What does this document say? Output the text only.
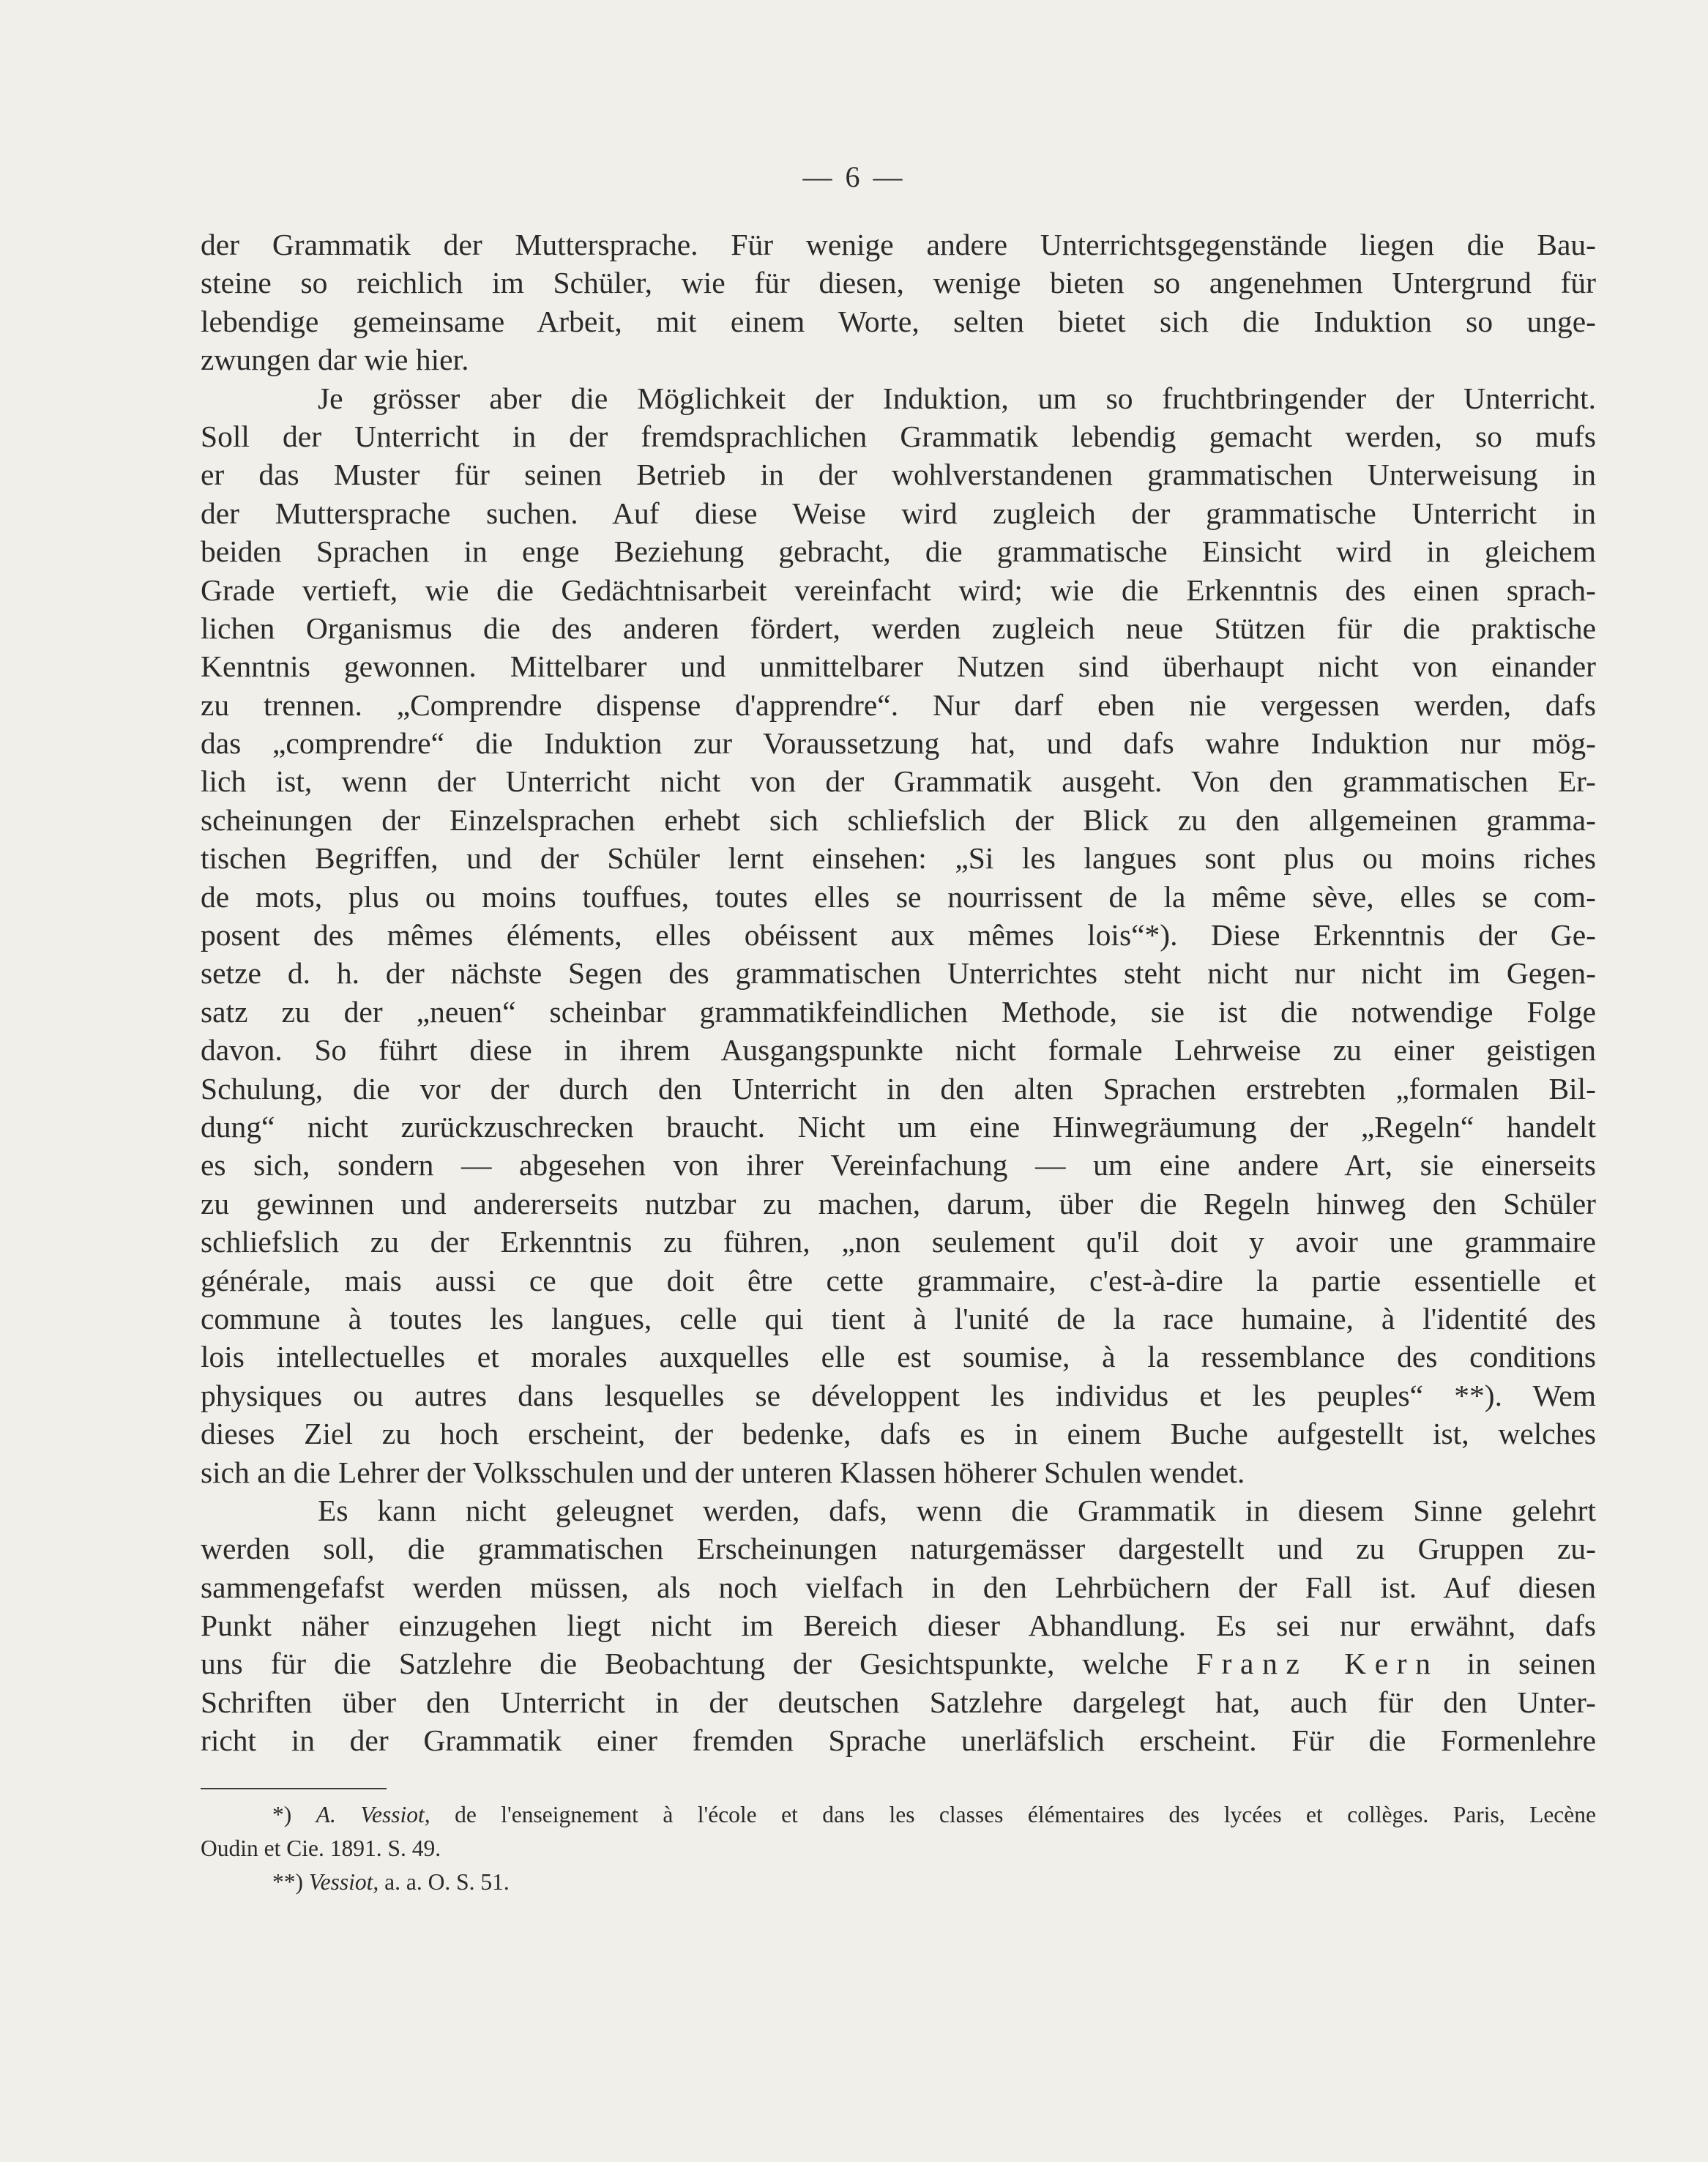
— 6 —
der Grammatik der Muttersprache. Für wenige andere Unterrichtsgegenstände liegen die Bau-
steine so reichlich im Schüler, wie für diesen, wenige bieten so angenehmen Untergrund für
lebendige gemeinsame Arbeit, mit einem Worte, selten bietet sich die Induktion so unge-
zwungen dar wie hier.
Je grösser aber die Möglichkeit der Induktion, um so fruchtbringender der Unterricht.
Soll der Unterricht in der fremdsprachlichen Grammatik lebendig gemacht werden, so mufs
er das Muster für seinen Betrieb in der wohlverstandenen grammatischen Unterweisung in
der Muttersprache suchen. Auf diese Weise wird zugleich der grammatische Unterricht in
beiden Sprachen in enge Beziehung gebracht, die grammatische Einsicht wird in gleichem
Grade vertieft, wie die Gedächtnisarbeit vereinfacht wird; wie die Erkenntnis des einen sprach-
lichen Organismus die des anderen fördert, werden zugleich neue Stützen für die praktische
Kenntnis gewonnen. Mittelbarer und unmittelbarer Nutzen sind überhaupt nicht von einander
zu trennen. „Comprendre dispense d'apprendre“. Nur darf eben nie vergessen werden, dafs
das „comprendre“ die Induktion zur Voraussetzung hat, und dafs wahre Induktion nur mög-
lich ist, wenn der Unterricht nicht von der Grammatik ausgeht. Von den grammatischen Er-
scheinungen der Einzelsprachen erhebt sich schliefslich der Blick zu den allgemeinen gramma-
tischen Begriffen, und der Schüler lernt einsehen: „Si les langues sont plus ou moins riches
de mots, plus ou moins touffues, toutes elles se nourrissent de la même sève, elles se com-
posent des mêmes éléments, elles obéissent aux mêmes lois“*). Diese Erkenntnis der Ge-
setze d. h. der nächste Segen des grammatischen Unterrichtes steht nicht nur nicht im Gegen-
satz zu der „neuen“ scheinbar grammatikfeindlichen Methode, sie ist die notwendige Folge
davon. So führt diese in ihrem Ausgangspunkte nicht formale Lehrweise zu einer geistigen
Schulung, die vor der durch den Unterricht in den alten Sprachen erstrebten „formalen Bil-
dung“ nicht zurückzuschrecken braucht. Nicht um eine Hinwegräumung der „Regeln“ handelt
es sich, sondern — abgesehen von ihrer Vereinfachung — um eine andere Art, sie einerseits
zu gewinnen und andererseits nutzbar zu machen, darum, über die Regeln hinweg den Schüler
schliefslich zu der Erkenntnis zu führen, „non seulement qu'il doit y avoir une grammaire
générale, mais aussi ce que doit être cette grammaire, c'est-à-dire la partie essentielle et
commune à toutes les langues, celle qui tient à l'unité de la race humaine, à l'identité des
lois intellectuelles et morales auxquelles elle est soumise, à la ressemblance des conditions
physiques ou autres dans lesquelles se développent les individus et les peuples“ **). Wem
dieses Ziel zu hoch erscheint, der bedenke, dafs es in einem Buche aufgestellt ist, welches
sich an die Lehrer der Volksschulen und der unteren Klassen höherer Schulen wendet.
Es kann nicht geleugnet werden, dafs, wenn die Grammatik in diesem Sinne gelehrt
werden soll, die grammatischen Erscheinungen naturgemässer dargestellt und zu Gruppen zu-
sammengefafst werden müssen, als noch vielfach in den Lehrbüchern der Fall ist. Auf diesen
Punkt näher einzugehen liegt nicht im Bereich dieser Abhandlung. Es sei nur erwähnt, dafs
uns für die Satzlehre die Beobachtung der Gesichtspunkte, welche Franz Kern in seinen
Schriften über den Unterricht in der deutschen Satzlehre dargelegt hat, auch für den Unter-
richt in der Grammatik einer fremden Sprache unerläfslich erscheint. Für die Formenlehre
*) A. Vessiot, de l'enseignement à l'école et dans les classes élémentaires des lycées et collèges. Paris, Lecène
Oudin et Cie. 1891. S. 49.
**) Vessiot, a. a. O. S. 51.
